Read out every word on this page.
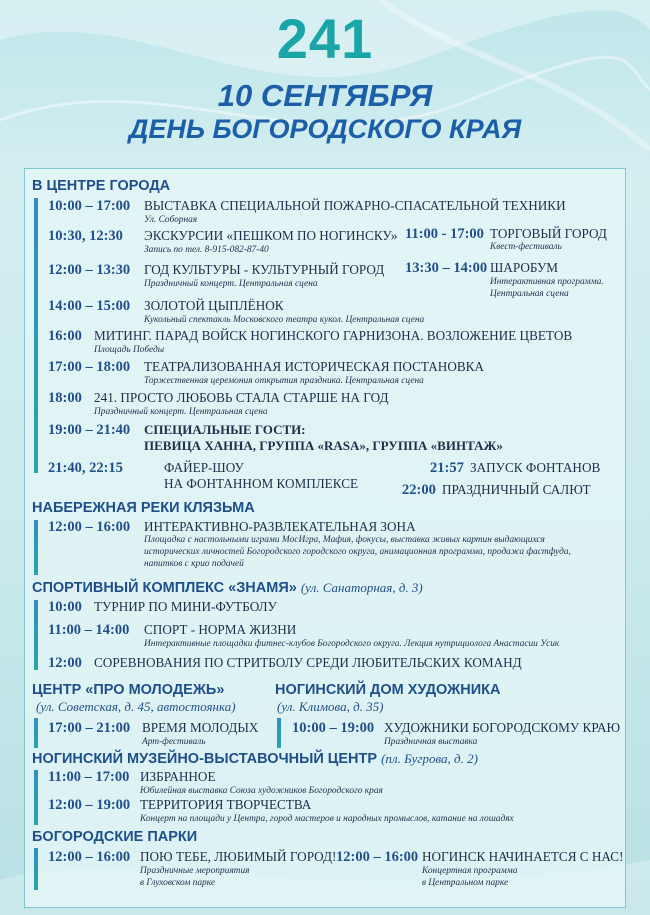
241
10 СЕНТЯБРЯ
ДЕНЬ БОГОРОДСКОГО КРАЯ
В ЦЕНТРЕ ГОРОДА
10:00 – 17:00 ВЫСТАВКА СПЕЦИАЛЬНОЙ ПОЖАРНО-СПАСАТЕЛЬНОЙ ТЕХНИКИ
Ул. Соборная
10:30, 12:30 ЭКСКУРСИИ «ПЕШКОМ ПО НОГИНСКУ»
Запись по тел. 8-915-082-87-40
12:00 – 13:30 ГОД КУЛЬТУРЫ - КУЛЬТУРНЫЙ ГОРОД
Праздничный концерт. Центральная сцена
14:00 – 15:00 ЗОЛОТОЙ ЦЫПЛЁНОК
Кукольный спектакль Московского театра кукол. Центральная сцена
16:00 МИТИНГ. ПАРАД ВОЙСК НОГИНСКОГО ГАРНИЗОНА. ВОЗЛОЖЕНИЕ ЦВЕТОВ
Площадь Победы
17:00 – 18:00 ТЕАТРАЛИЗОВАННАЯ ИСТОРИЧЕСКАЯ ПОСТАНОВКА
Торжественная церемония открытия праздника. Центральная сцена
18:00 241. ПРОСТО ЛЮБОВЬ СТАЛА СТАРШЕ НА ГОД
Праздничный концерт. Центральная сцена
19:00 – 21:40 СПЕЦИАЛЬНЫЕ ГОСТИ:
ПЕВИЦА ХАННА, ГРУППА «RASA», ГРУППА «ВИНТАЖ»
21:40, 22:15	ФАЙЕР-ШОУ
НА ФОНТАННОМ КОМПЛЕКСЕ
11:00 - 17:00 ТОРГОВЫЙ ГОРОД
Квест-фестиваль
13:30 – 14:00 ШАРОБУМ
Интерактивная программа.
Центральная сцена
21:57 ЗАПУСК ФОНТАНОВ
22:00 ПРАЗДНИЧНЫЙ САЛЮТ
НАБЕРЕЖНАЯ РЕКИ КЛЯЗЬМА
12:00 – 16:00 ИНТЕРАКТИВНО-РАЗВЛЕКАТЕЛЬНАЯ ЗОНА
Площадка с настольными играми МосИгра, Мафия, фокусы, выставка живых картин выдающихся
исторических личностей Богородского городского округа, анимационная программа, продажа фастфуда,
напитков с крио подачей
СПОРТИВНЫЙ КОМПЛЕКС «ЗНАМЯ» (ул. Санаторная, д. 3)
10:00 ТУРНИР ПО МИНИ-ФУТБОЛУ
11:00 – 14:00 СПОРТ - НОРМА ЖИЗНИ
Интерактивные площадки фитнес-клубов Богородского округа. Лекция нутрициолога Анастасии Усик
12:00 СОРЕВНОВАНИЯ ПО СТРИТБОЛУ СРЕДИ ЛЮБИТЕЛЬСКИХ КОМАНД
ЦЕНТР «ПРО МОЛОДЕЖЬ»
(ул. Советская, д. 45, автостоянка)
17:00 – 21:00 ВРЕМЯ МОЛОДЫХ
Арт-фестиваль
НОГИНСКИЙ ДОМ ХУДОЖНИКА
(ул. Климова, д. 35)
10:00 – 19:00 ХУДОЖНИКИ БОГОРОДСКОМУ КРАЮ
Праздничная выставка
НОГИНСКИЙ МУЗЕЙНО-ВЫСТАВОЧНЫЙ ЦЕНТР (пл. Бугрова, д. 2)
11:00 – 17:00 ИЗБРАННОЕ
Юбилейная выставка Союза художников Богородского края
12:00 – 19:00 ТЕРРИТОРИЯ ТВОРЧЕСТВА
Концерт на площади у Центра, город мастеров и народных промыслов, катание на лошадях
БОГОРОДСКИЕ ПАРКИ
12:00 – 16:00 ПОЮ ТЕБЕ, ЛЮБИМЫЙ ГОРОД!
Праздничные мероприятия
в Глуховском парке
12:00 – 16:00 НОГИНСК НАЧИНАЕТСЯ С НАС!
Концертная программа
в Центральном парке
